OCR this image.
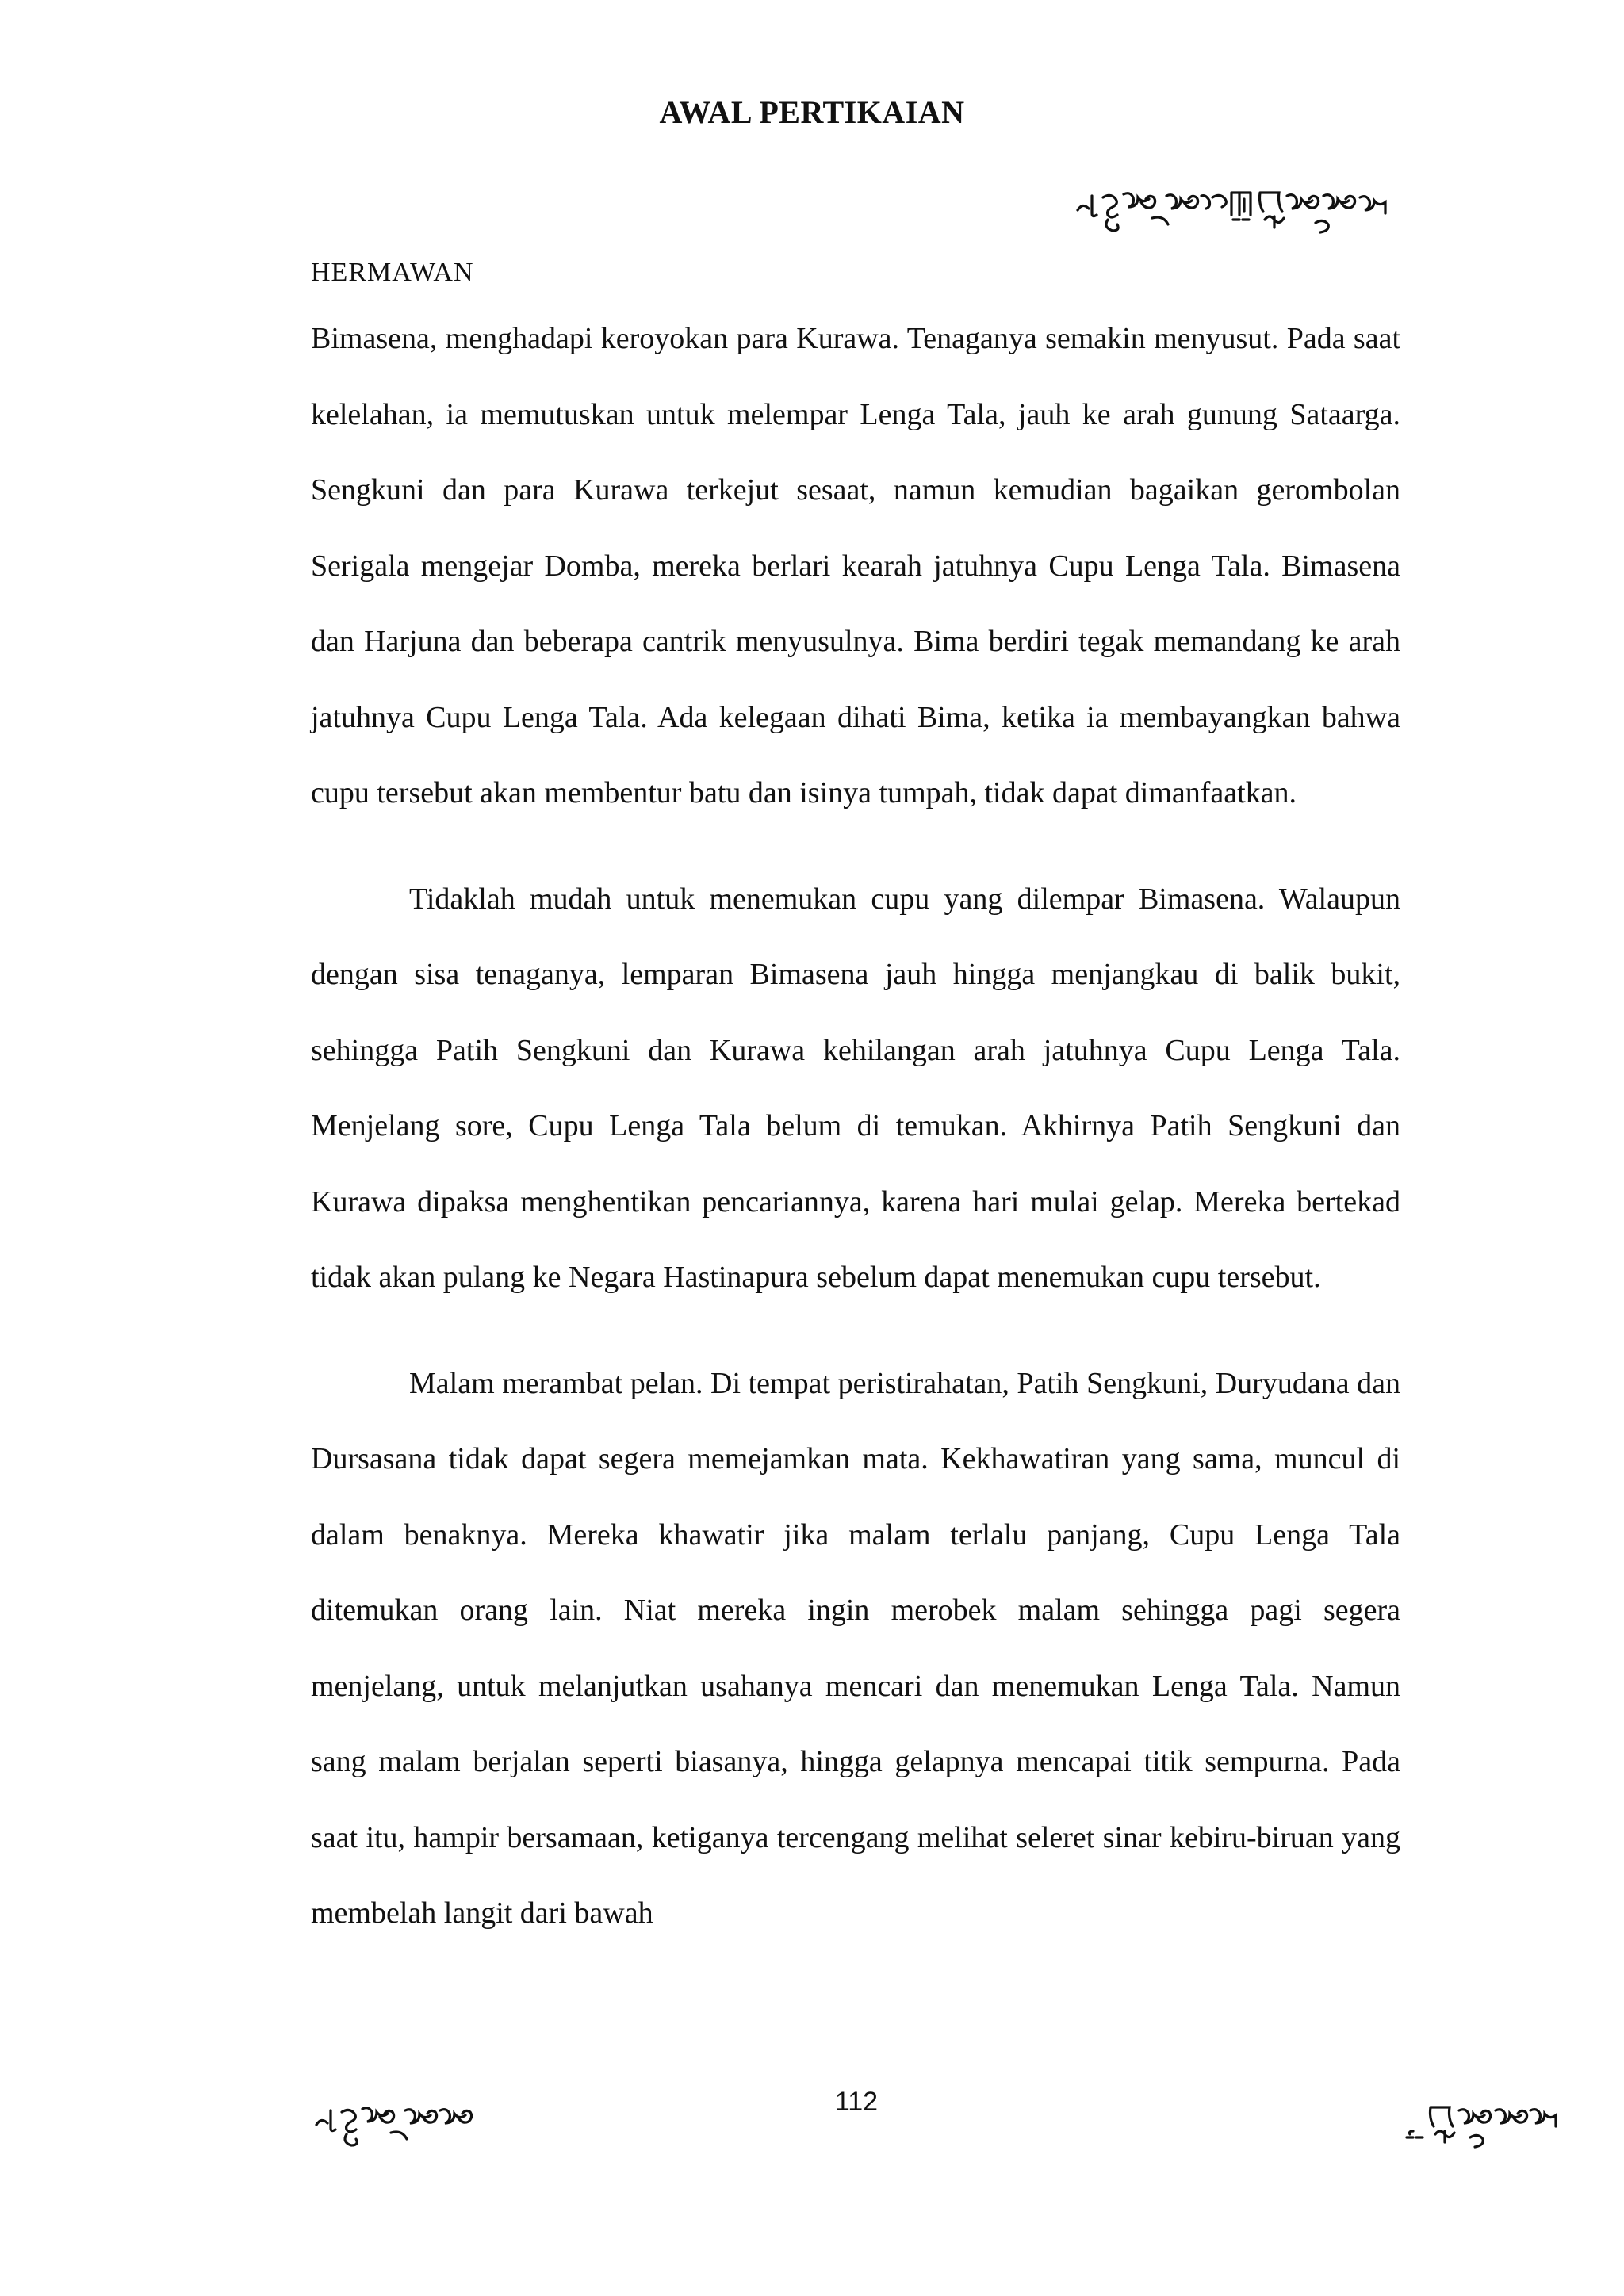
AWAL PERTIKAIAN
HERMAWAN

Bimasena, menghadapi keroyokan para Kurawa. Tenaganya semakin menyusut. Pada saat kelelahan, ia memutuskan untuk melempar Lenga Tala, jauh ke arah gunung Sataarga. Sengkuni dan para Kurawa terkejut sesaat, namun kemudian bagaikan gerombolan Serigala mengejar Domba, mereka berlari kearah jatuhnya Cupu Lenga Tala. Bimasena dan Harjuna dan beberapa cantrik menyusulnya. Bima berdiri tegak memandang ke arah jatuhnya Cupu Lenga Tala. Ada kelegaan dihati Bima, ketika ia membayangkan bahwa cupu tersebut akan membentur batu dan isinya tumpah, tidak dapat dimanfaatkan.

Tidaklah mudah untuk menemukan cupu yang dilempar Bimasena. Walaupun dengan sisa tenaganya, lemparan Bimasena jauh hingga menjangkau di balik bukit, sehingga Patih Sengkuni dan Kurawa kehilangan arah jatuhnya Cupu Lenga Tala. Menjelang sore, Cupu Lenga Tala belum di temukan. Akhirnya Patih Sengkuni dan Kurawa dipaksa menghentikan pencariannya, karena hari mulai gelap. Mereka bertekad tidak akan pulang ke Negara Hastinapura sebelum dapat menemukan cupu tersebut.

Malam merambat pelan. Di tempat peristirahatan, Patih Sengkuni, Duryudana dan Dursasana tidak dapat segera memejamkan mata. Kekhawatiran yang sama, muncul di dalam benaknya. Mereka khawatir jika malam terlalu panjang, Cupu Lenga Tala ditemukan orang lain. Niat mereka ingin merobek malam sehingga pagi segera menjelang, untuk melanjutkan usahanya mencari dan menemukan Lenga Tala. Namun sang malam berjalan seperti biasanya, hingga gelapnya mencapai titik sempurna. Pada saat itu, hampir bersamaan, ketiganya tercengang melihat seleret sinar kebiru-biruan yang membelah langit dari bawah

112
